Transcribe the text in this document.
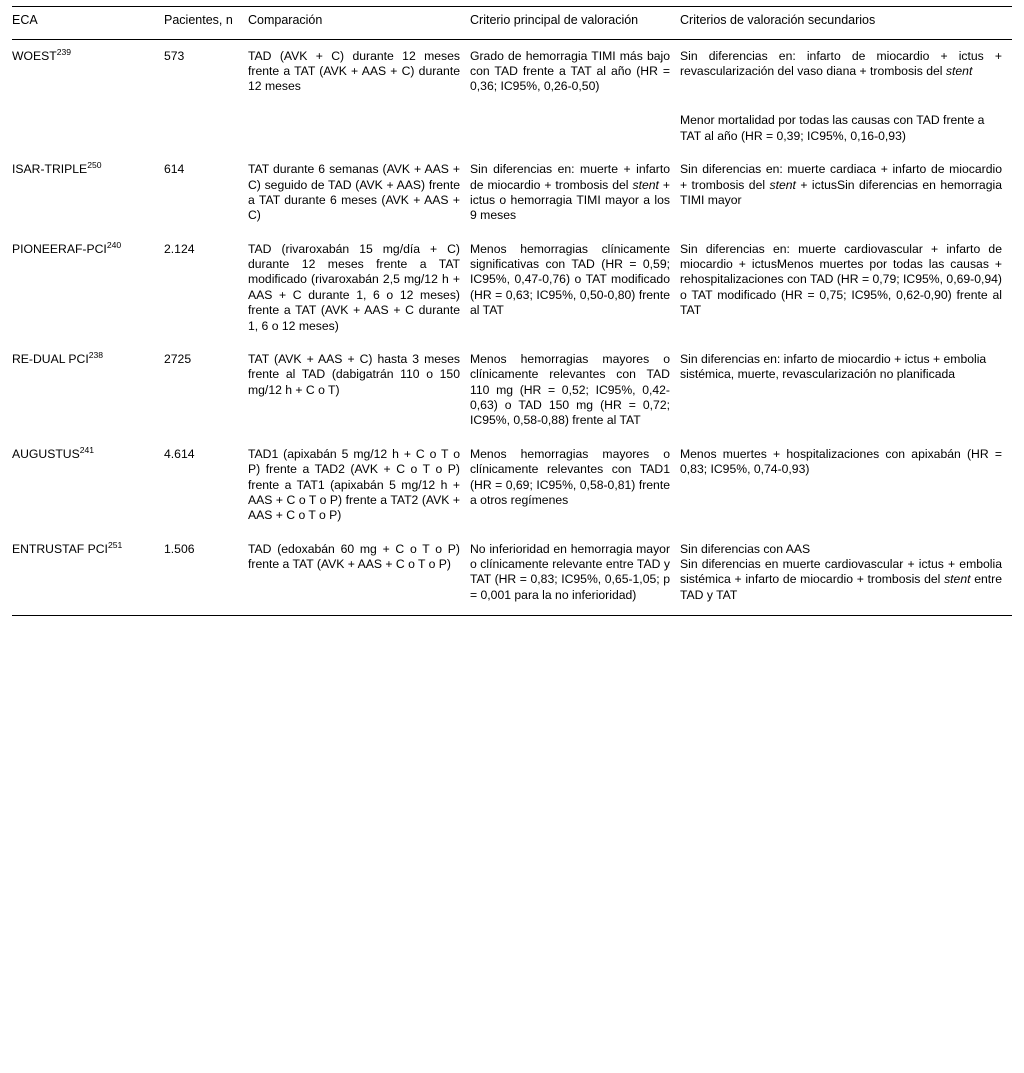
ECA	Pacientes, n	Comparación	Criterio principal de valoración	Criterios de valoración secundarios
WOEST$^{239}$	573	TAD (AVK + C) durante 12 meses frente a TAT (AVK + AAS + C) durante 12 meses	Grado de hemorragia TIMI más bajo con TAD frente a TAT al año (HR = 0,36; IC95%, 0,26-0,50)	Sin diferencias en: infarto de miocardio + ictus + revascularización del vaso diana + trombosis del stent
Menor mortalidad por todas las causas con TAD frente a TAT al año (HR = 0,39; IC95%, 0,16-0,93)

ISAR-TRIPLE$^{250}$	614	TAT durante 6 semanas (AVK + AAS + C) seguido de TAD (AVK + AAS) frente a TAT durante 6 meses (AVK + AAS + C)	Sin diferencias en: muerte + infarto de miocardio + trombosis del stent + ictus o hemorragia TIMI mayor a los 9 meses	Sin diferencias en: muerte cardiaca + infarto de miocardio + trombosis del stent + ictusSin diferencias en hemorragia TIMI mayor
PIONEERAF-PCI$^{240}$	2.124	TAD (rivaroxabán 15 mg/día + C) durante 12 meses frente a TAT modificado (rivaroxabán 2,5 mg/12 h + AAS + C durante 1, 6 o 12 meses) frente a TAT (AVK + AAS + C durante 1, 6 o 12 meses)	Menos hemorragias clínicamente significativas con TAD (HR = 0,59; IC95%, 0,47-0,76) o TAT modificado (HR = 0,63; IC95%, 0,50-0,80) frente al TAT	Sin diferencias en: muerte cardiovascular + infarto de miocardio + ictusMenos muertes por todas las causas + rehospitalizaciones con TAD (HR = 0,79; IC95%, 0,69-0,94) o TAT modificado (HR = 0,75; IC95%, 0,62-0,90) frente al TAT
RE-DUAL PCI$^{238}$	2725	TAT (AVK + AAS + C) hasta 3 meses frente al TAD (dabigatrán 110 o 150 mg/12 h + C o T)	Menos hemorragias mayores o clínicamente relevantes con TAD 110 mg (HR = 0,52; IC95%, 0,42-0,63) o TAD 150 mg (HR = 0,72; IC95%, 0,58-0,88) frente al TAT	Sin diferencias en: infarto de miocardio + ictus + embolia sistémica, muerte, revascularización no planificada
AUGUSTUS$^{241}$	4.614	TAD1 (apixabán 5 mg/12 h + C o T o P) frente a TAD2 (AVK + C o T o P) frente a TAT1 (apixabán 5 mg/12 h + AAS + C o T o P) frente a TAT2 (AVK + AAS + C o T o P)	Menos hemorragias mayores o clínicamente relevantes con TAD1 (HR = 0,69; IC95%, 0,58-0,81) frente a otros regímenes	Menos muertes + hospitalizaciones con apixabán (HR = 0,83; IC95%, 0,74-0,93)
ENTRUSTAF PCI$^{251}$	1.506	TAD (edoxabán 60 mg + C o T o P) frente a TAT (AVK + AAS + C o T o P)	No inferioridad en hemorragia mayor o clínicamente relevante entre TAD y TAT (HR = 0,83; IC95%, 0,65-1,05; p = 0,001 para la no inferioridad)	Sin diferencias con AAS
Sin diferencias en muerte cardiovascular + ictus + embolia sistémica + infarto de miocardio + trombosis del stent entre TAD y TAT
